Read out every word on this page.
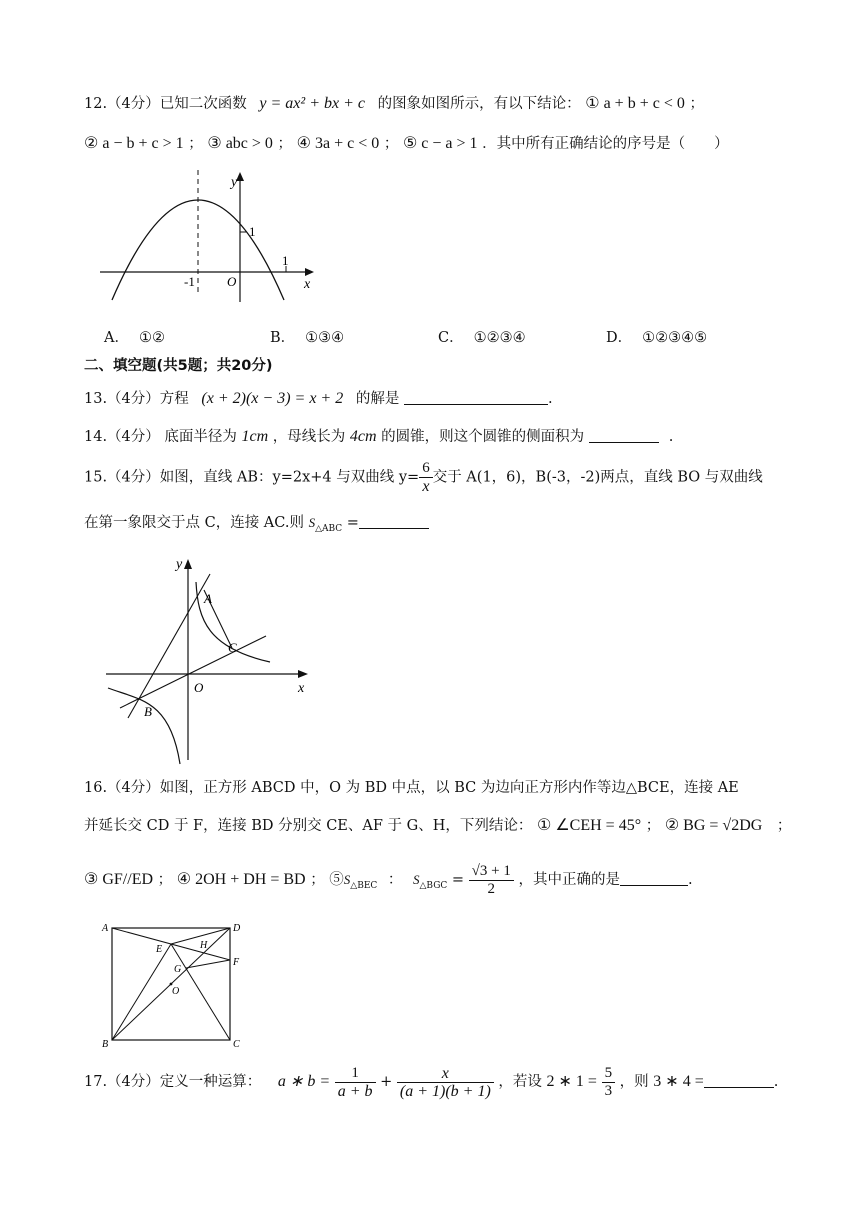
12.（4分）已知二次函数 y = ax² + bx + c 的图象如图所示，有以下结论： ① a + b + c < 0 ；
② a − b + c > 1 ； ③ abc > 0 ； ④ 3a + c < 0 ； ⑤ c − a > 1 ．其中所有正确结论的序号是（　　）
y
x
O
1
1
-1
A． ①②	B． ①③④	C． ①②③④	D． ①②③④⑤
二、填空题(共5题；共20分)
13.（4分）方程 (x + 2)(x − 3) = x + 2 的解是	.
14.（4分） 底面半径为 1cm ，母线长为 4cm 的圆锥，则这个圆锥的侧面积为	.
15.（4分）如图，直线 AB：y=2x+4 与双曲线 $y= \frac{6}{x}$ 交于 A(1，6)，B(-3，-2)两点，直线 BO 与双曲线
在第一象限交于点 C，连接 AC.则 $S_{\triangle ABC}$ =
y
x
O
A
B
C
16.（4分）如图，正方形 ABCD 中，O 为 BD 中点，以 BC 为边向正方形内作等边△BCE，连接 AE
并延长交 CD 于 F，连接 BD 分别交 CE、AF 于 G、H，下列结论： ① ∠CEH = 45° ； ② BG = √2DG ；
③ GF//ED ； ④ 2OH + DH = BD ； $⑤S_{\triangle BEC}$ ： $S_{\triangle BGC} = \frac{√3 + 1}{2}$ ，其中正确的是	.
A
B	C
D
E
F
G
H
O
17.（4分）定义一种运算： a ∗ $b = \frac{1}{a + b} + \frac{x}{(a + 1)(b + 1)}$ ，若设 2 ∗ $1 = \frac{5}{3}$ ，则 3 ∗ 4 =	.
